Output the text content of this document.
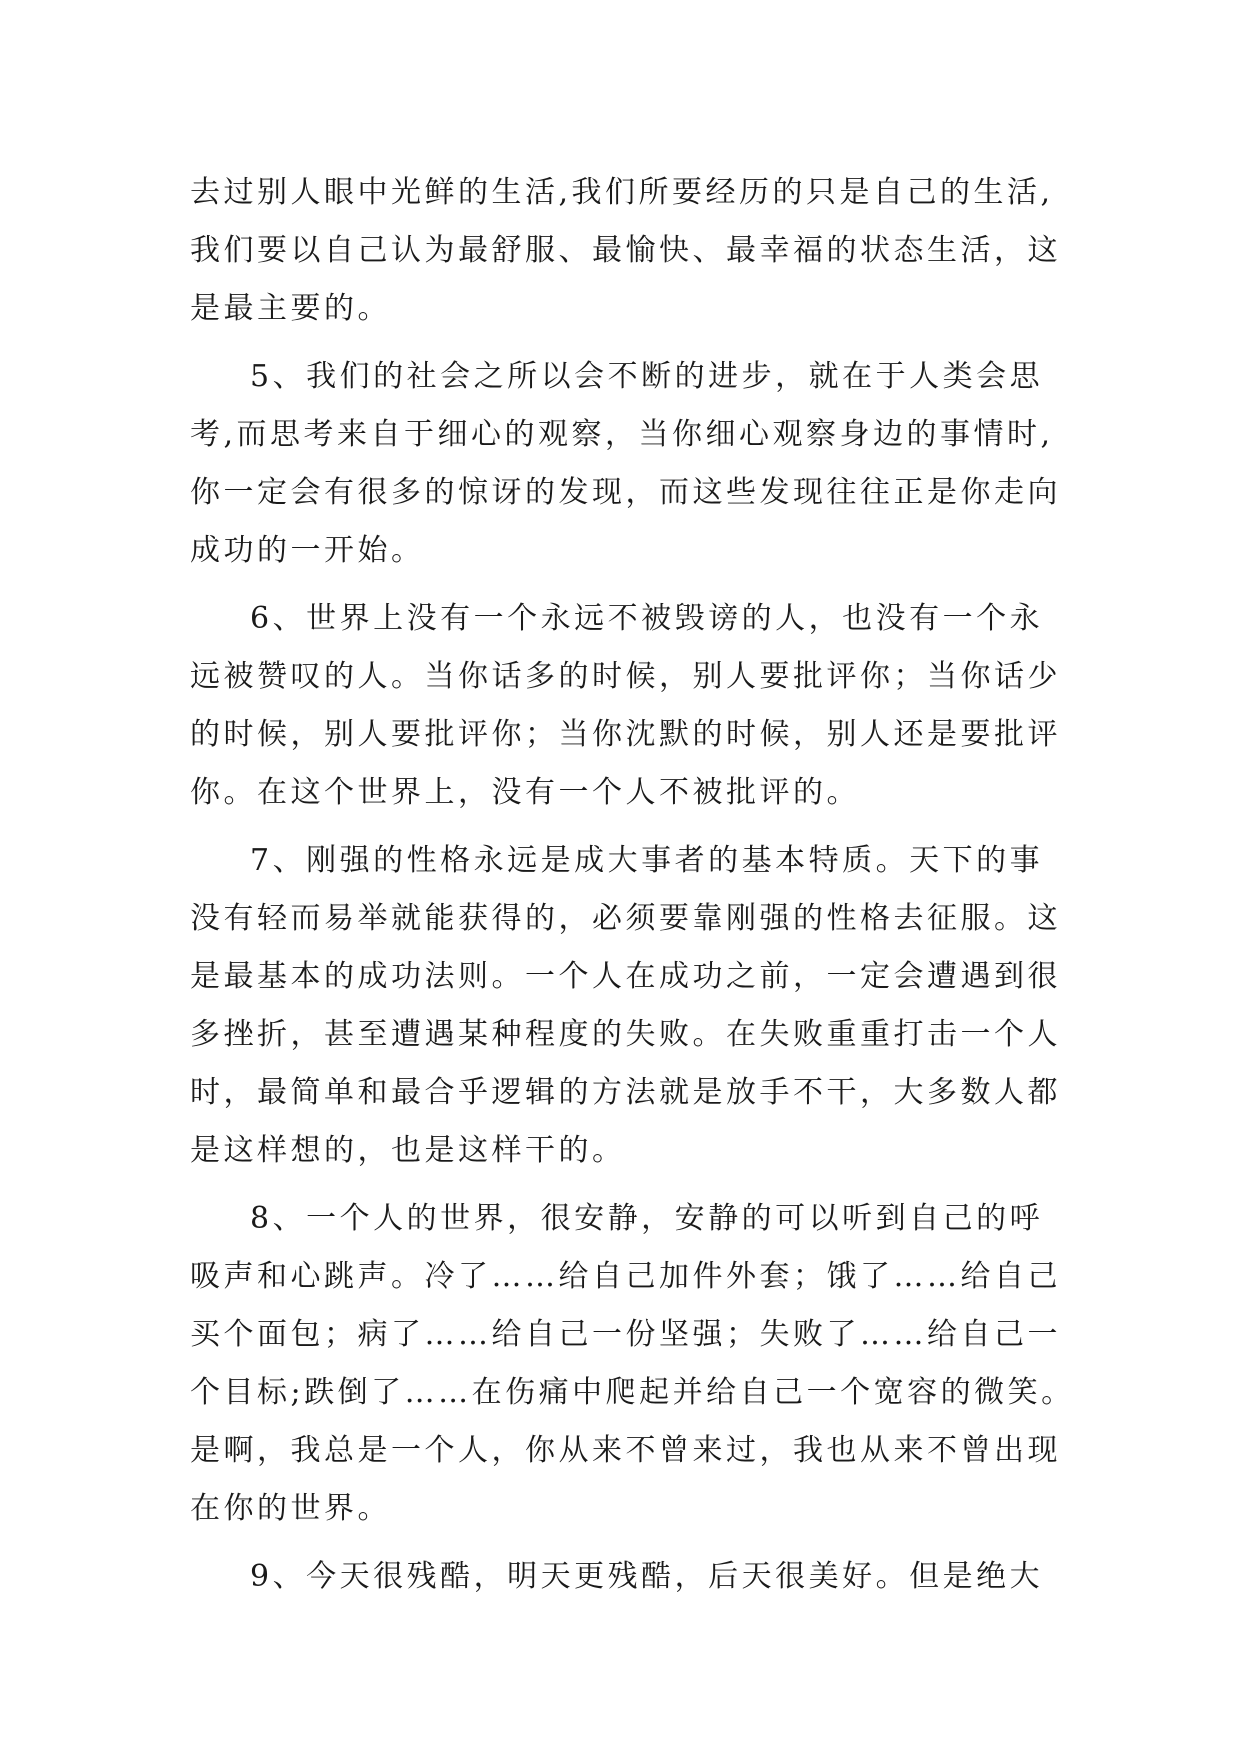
去过别人眼中光鲜的生活,我们所要经历的只是自己的生活,
我们要以自己认为最舒服、最愉快、最幸福的状态生活，这
是最主要的。
5、我们的社会之所以会不断的进步，就在于人类会思
考,而思考来自于细心的观察，当你细心观察身边的事情时,
你一定会有很多的惊讶的发现，而这些发现往往正是你走向
成功的一开始。
6、世界上没有一个永远不被毁谤的人，也没有一个永
远被赞叹的人。当你话多的时候，别人要批评你；当你话少
的时候，别人要批评你；当你沈默的时候，别人还是要批评
你。在这个世界上，没有一个人不被批评的。
7、刚强的性格永远是成大事者的基本特质。天下的事
没有轻而易举就能获得的，必须要靠刚强的性格去征服。这
是最基本的成功法则。一个人在成功之前，一定会遭遇到很
多挫折，甚至遭遇某种程度的失败。在失败重重打击一个人
时，最简单和最合乎逻辑的方法就是放手不干，大多数人都
是这样想的，也是这样干的。
8、一个人的世界，很安静，安静的可以听到自己的呼
吸声和心跳声。冷了……给自己加件外套；饿了……给自己
买个面包；病了……给自己一份坚强；失败了……给自己一
个目标;跌倒了……在伤痛中爬起并给自己一个宽容的微笑。
是啊，我总是一个人，你从来不曾来过，我也从来不曾出现
在你的世界。
9、今天很残酷，明天更残酷，后天很美好。但是绝大
